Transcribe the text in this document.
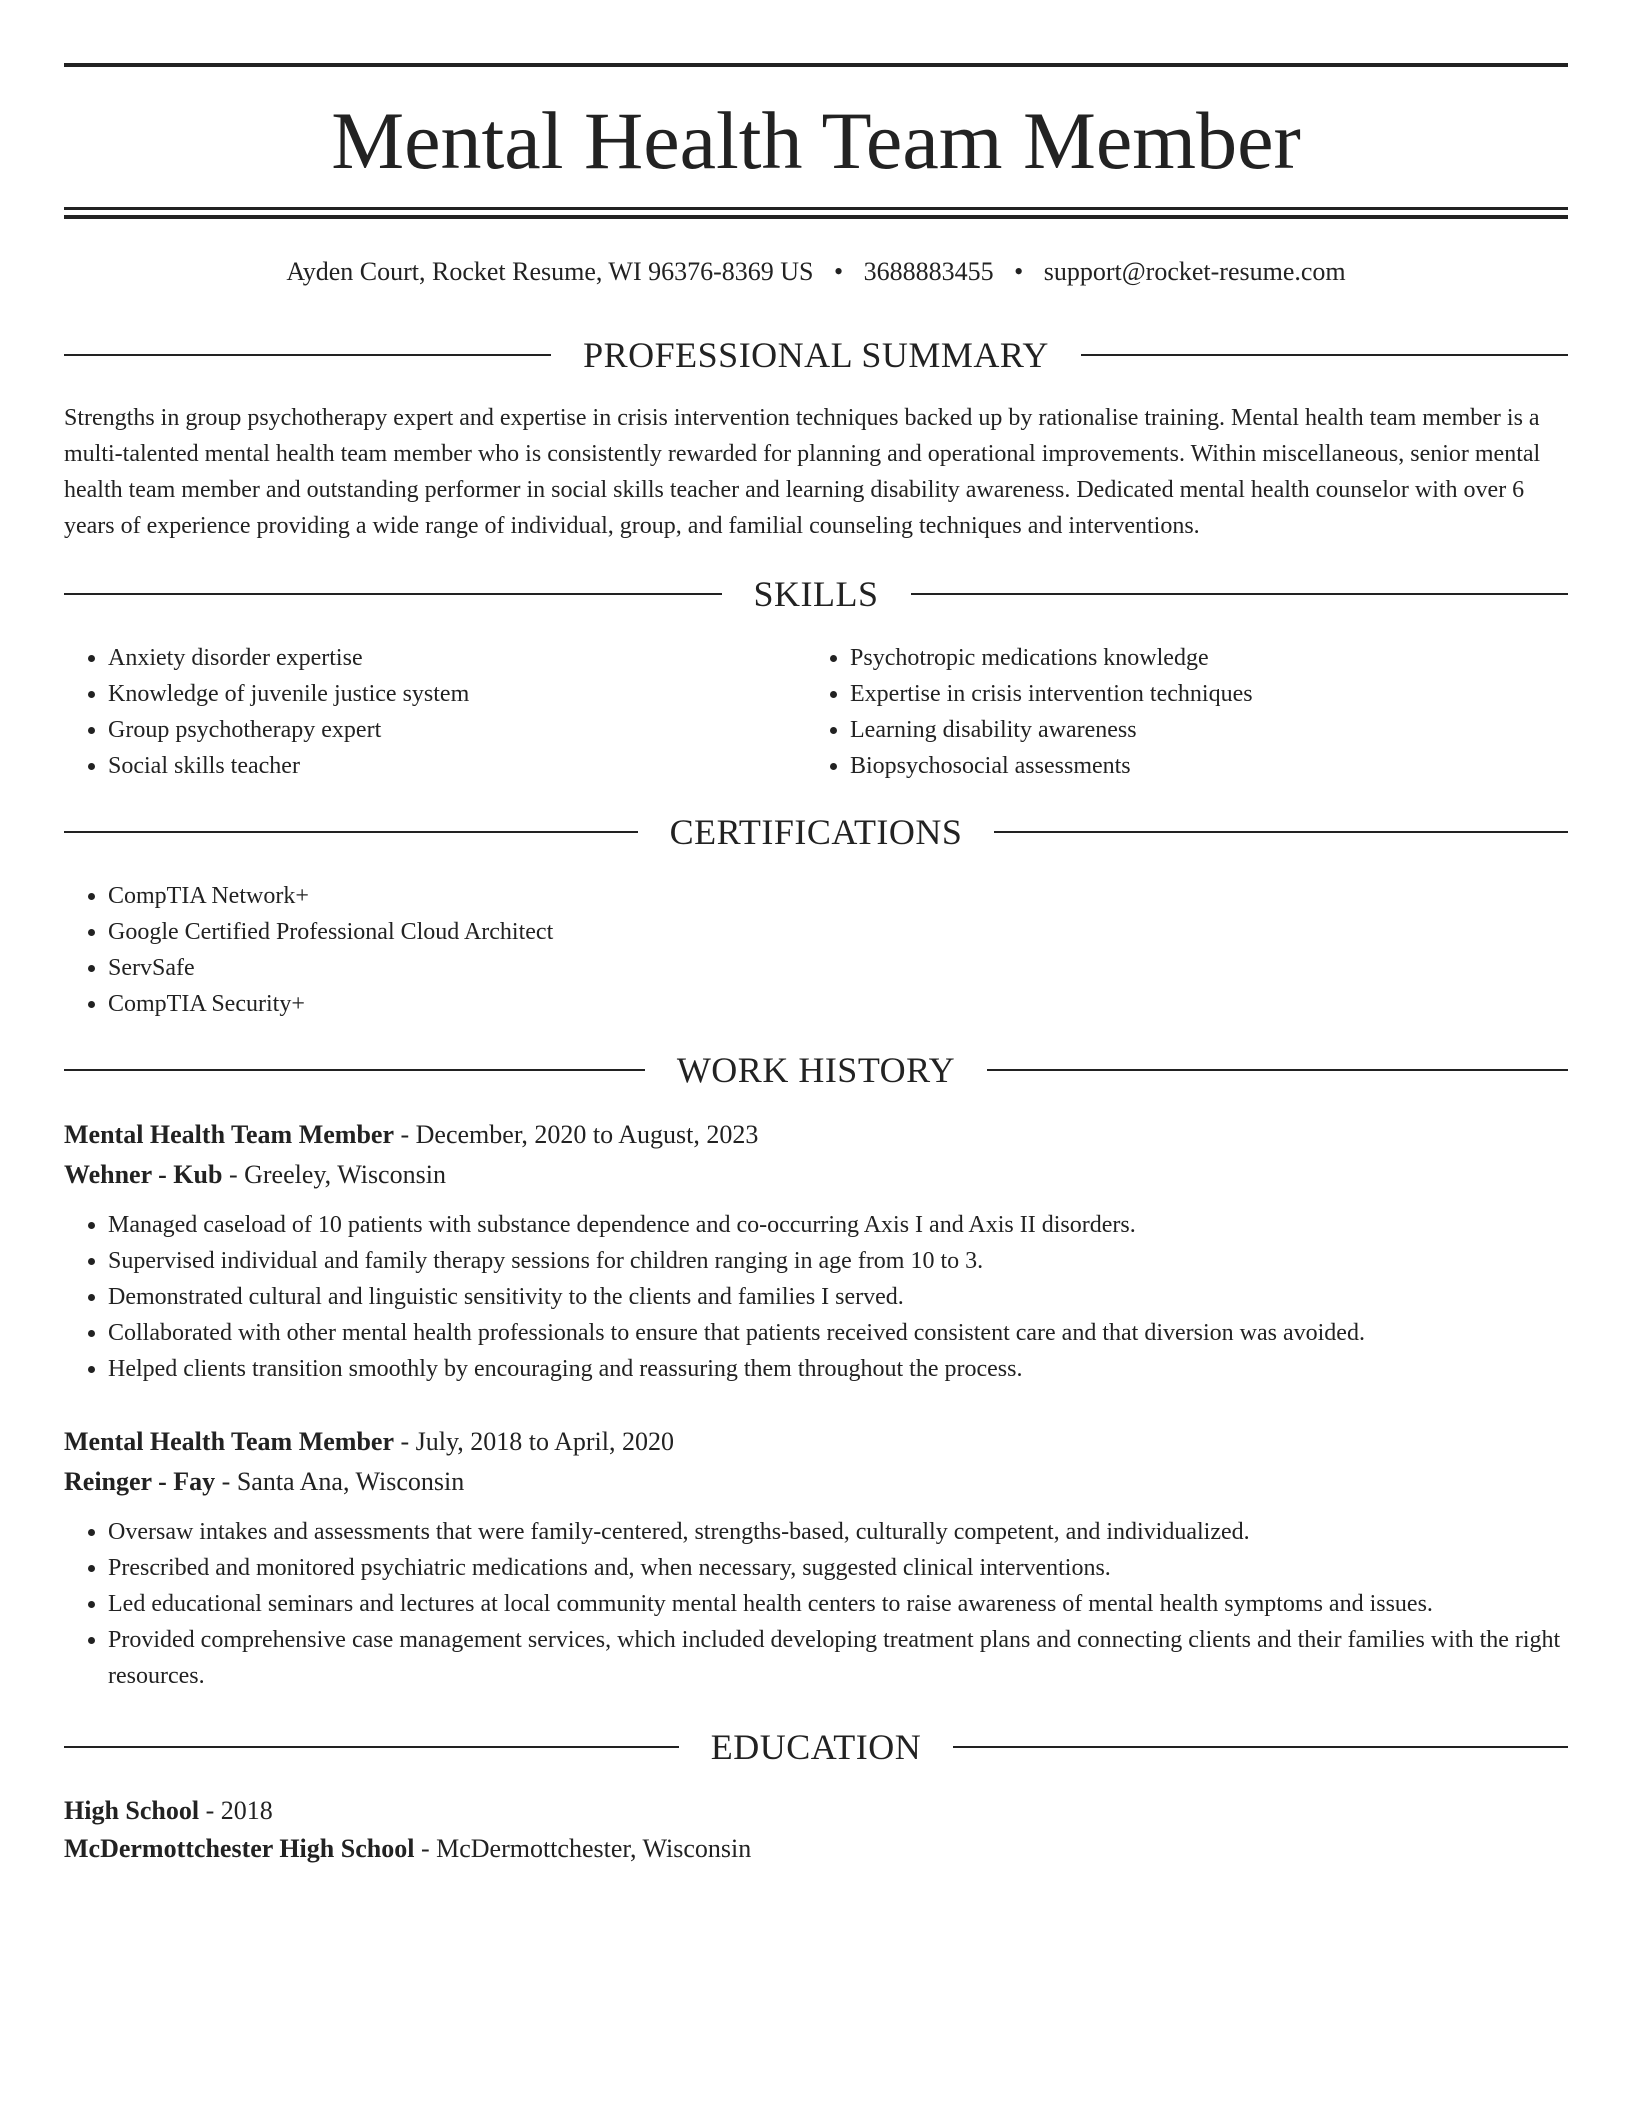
Mental Health Team Member
Ayden Court, Rocket Resume, WI 96376-8369 US • 3688883455 • support@rocket-resume.com
PROFESSIONAL SUMMARY

Strengths in group psychotherapy expert and expertise in crisis intervention techniques backed up by rationalise training. Mental health team member is a multi-talented mental health team member who is consistently rewarded for planning and operational improvements. Within miscellaneous, senior mental health team member and outstanding performer in social skills teacher and learning disability awareness. Dedicated mental health counselor with over 6 years of experience providing a wide range of individual, group, and familial counseling techniques and interventions.

SKILLS
• Anxiety disorder expertise
• Knowledge of juvenile justice system
• Group psychotherapy expert
• Social skills teacher
• Psychotropic medications knowledge
• Expertise in crisis intervention techniques
• Learning disability awareness
• Biopsychosocial assessments
CERTIFICATIONS
• CompTIA Network+
• Google Certified Professional Cloud Architect
• ServSafe
• CompTIA Security+
WORK HISTORY
Mental Health Team Member - December, 2020 to August, 2023
Wehner - Kub - Greeley, Wisconsin
• Managed caseload of 10 patients with substance dependence and co-occurring Axis I and Axis II disorders.
• Supervised individual and family therapy sessions for children ranging in age from 10 to 3.
• Demonstrated cultural and linguistic sensitivity to the clients and families I served.
• Collaborated with other mental health professionals to ensure that patients received consistent care and that diversion was avoided.
• Helped clients transition smoothly by encouraging and reassuring them throughout the process.
Mental Health Team Member - July, 2018 to April, 2020
Reinger - Fay - Santa Ana, Wisconsin
• Oversaw intakes and assessments that were family-centered, strengths-based, culturally competent, and individualized.
• Prescribed and monitored psychiatric medications and, when necessary, suggested clinical interventions.
• Led educational seminars and lectures at local community mental health centers to raise awareness of mental health symptoms and issues.
• Provided comprehensive case management services, which included developing treatment plans and connecting clients and their families with the right resources.
EDUCATION
High School - 2018
McDermottchester High School - McDermottchester, Wisconsin
